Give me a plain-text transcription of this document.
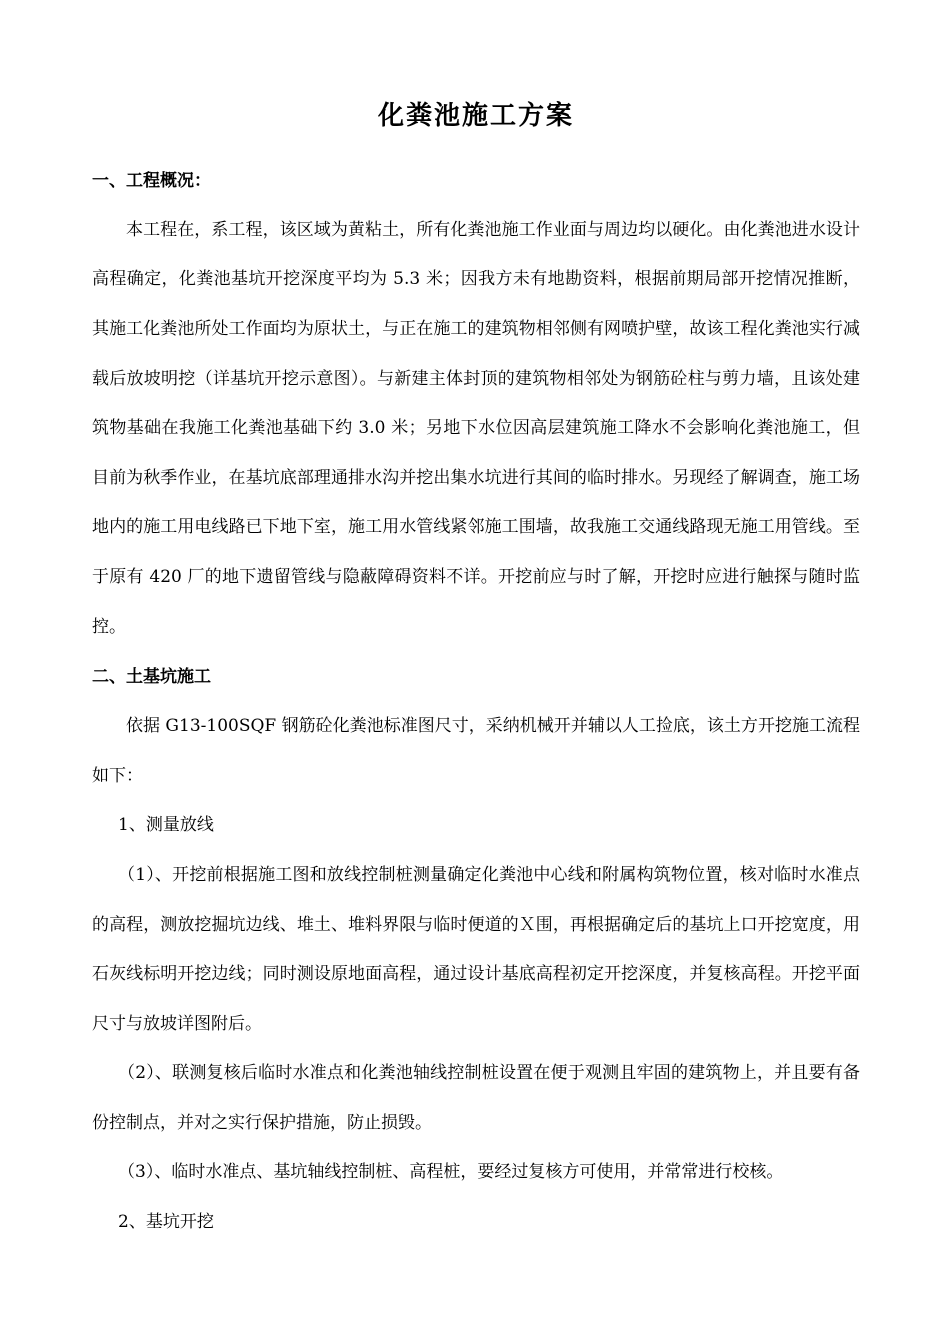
化粪池施工方案

一、工程概况：

本工程在，系工程，该区域为黄粘土，所有化粪池施工作业面与周边均以硬化。由化粪池进水设计高程确定，化粪池基坑开挖深度平均为 5.3 米；因我方未有地勘资料，根据前期局部开挖情况推断，其施工化粪池所处工作面均为原状土，与正在施工的建筑物相邻侧有网喷护壁，故该工程化粪池实行减载后放坡明挖（详基坑开挖示意图）。与新建主体封顶的建筑物相邻处为钢筋砼柱与剪力墙，且该处建筑物基础在我施工化粪池基础下约 3.0 米；另地下水位因高层建筑施工降水不会影响化粪池施工，但目前为秋季作业，在基坑底部理通排水沟并挖出集水坑进行其间的临时排水。另现经了解调查，施工场地内的施工用电线路已下地下室，施工用水管线紧邻施工围墙，故我施工交通线路现无施工用管线。至于原有 420 厂的地下遗留管线与隐蔽障碍资料不详。开挖前应与时了解，开挖时应进行触探与随时监控。

二、土基坑施工

依据 G13-100SQF 钢筋砼化粪池标准图尺寸，采纳机械开并辅以人工捡底，该土方开挖施工流程如下：

1、测量放线

（1）、开挖前根据施工图和放线控制桩测量确定化粪池中心线和附属构筑物位置，核对临时水准点的高程，测放挖掘坑边线、堆土、堆料界限与临时便道的Ｘ围，再根据确定后的基坑上口开挖宽度，用石灰线标明开挖边线；同时测设原地面高程，通过设计基底高程初定开挖深度，并复核高程。开挖平面尺寸与放坡详图附后。

（2）、联测复核后临时水准点和化粪池轴线控制桩设置在便于观测且牢固的建筑物上，并且要有备份控制点，并对之实行保护措施，防止损毁。

（3）、临时水准点、基坑轴线控制桩、高程桩，要经过复核方可使用，并常常进行校核。

2、基坑开挖
